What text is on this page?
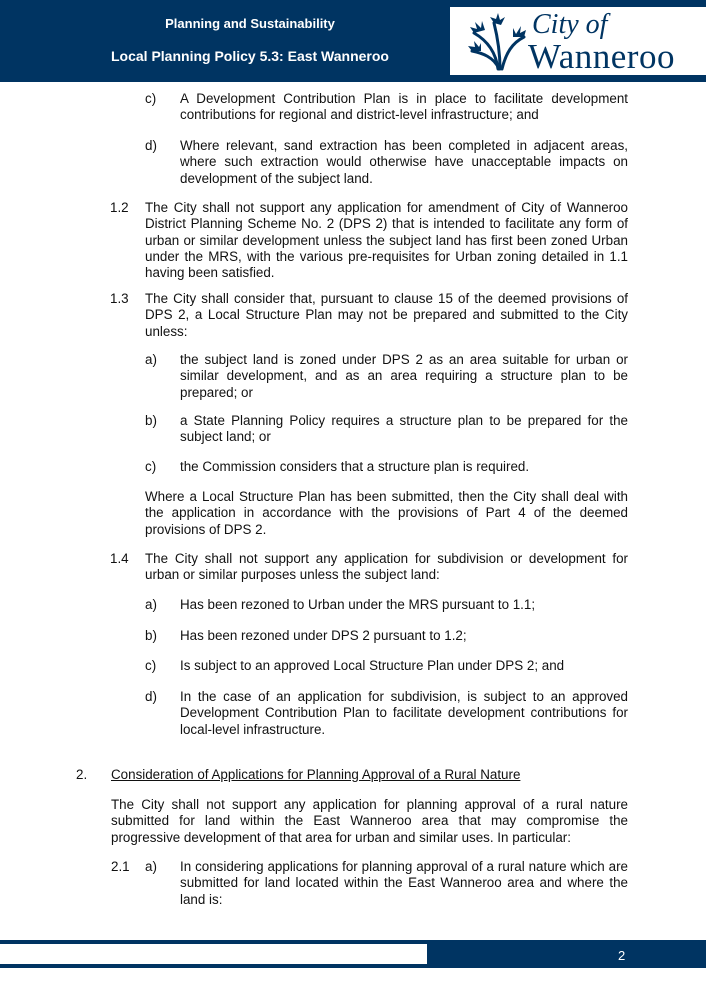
Planning and Sustainability
Local Planning Policy 5.3: East Wanneroo
City of
Wanneroo
c) A Development Contribution Plan is in place to facilitate development contributions for regional and district-level infrastructure; and
d) Where relevant, sand extraction has been completed in adjacent areas, where such extraction would otherwise have unacceptable impacts on development of the subject land.
1.2 The City shall not support any application for amendment of City of Wanneroo District Planning Scheme No. 2 (DPS 2) that is intended to facilitate any form of urban or similar development unless the subject land has first been zoned Urban under the MRS, with the various pre-requisites for Urban zoning detailed in 1.1 having been satisfied.
1.3 The City shall consider that, pursuant to clause 15 of the deemed provisions of DPS 2, a Local Structure Plan may not be prepared and submitted to the City unless:
a) the subject land is zoned under DPS 2 as an area suitable for urban or similar development, and as an area requiring a structure plan to be prepared; or
b) a State Planning Policy requires a structure plan to be prepared for the subject land; or
c) the Commission considers that a structure plan is required.
Where a Local Structure Plan has been submitted, then the City shall deal with the application in accordance with the provisions of Part 4 of the deemed provisions of DPS 2.
1.4 The City shall not support any application for subdivision or development for urban or similar purposes unless the subject land:
a) Has been rezoned to Urban under the MRS pursuant to 1.1;
b) Has been rezoned under DPS 2 pursuant to 1.2;
c) Is subject to an approved Local Structure Plan under DPS 2; and
d) In the case of an application for subdivision, is subject to an approved Development Contribution Plan to facilitate development contributions for local-level infrastructure.
2. Consideration of Applications for Planning Approval of a Rural Nature
The City shall not support any application for planning approval of a rural nature submitted for land within the East Wanneroo area that may compromise the progressive development of that area for urban and similar uses. In particular:
2.1 a) In considering applications for planning approval of a rural nature which are submitted for land located within the East Wanneroo area and where the land is:
2
